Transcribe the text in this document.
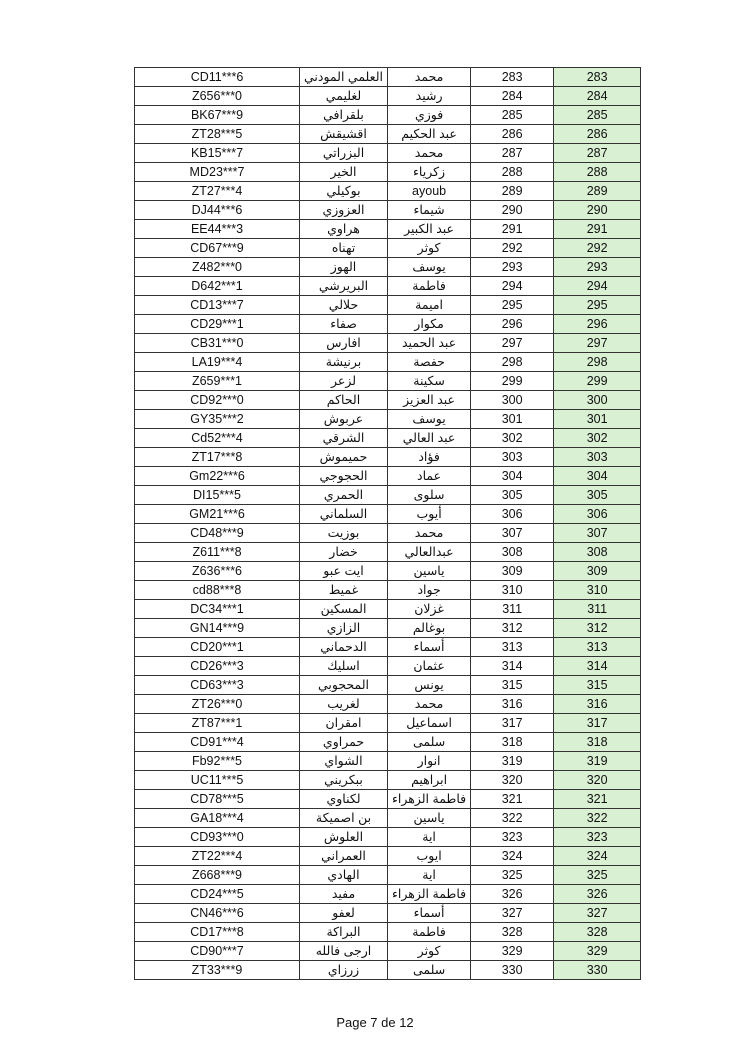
CD11***6	العلمي المودني	محمد	283	283
Z656***0	لغليمي	رشيد	284	284
BK67***9	بلقرافي	فوزي	285	285
ZT28***5	اقشيقش	عبد الحكيم	286	286
KB15***7	البزراتي	محمد	287	287
MD23***7	الخير	زكرياء	288	288
ZT27***4	بوكيلي	ayoub	289	289
DJ44***6	العزوزي	شيماء	290	290
EE44***3	هراوي	عبد الكبير	291	291
CD67***9	تهناه	كوثر	292	292
Z482***0	الهوز	يوسف	293	293
D642***1	البريرشي	فاطمة	294	294
CD13***7	حلالي	اميمة	295	295
CD29***1	صفاء	مكوار	296	296
CB31***0	افارس	عبد الحميد	297	297
LA19***4	برنيشة	حفصة	298	298
Z659***1	لزعر	سكينة	299	299
CD92***0	الحاكم	عبد العزيز	300	300
GY35***2	عربوش	يوسف	301	301
Cd52***4	الشرقي	عبد العالي	302	302
ZT17***8	حميموش	فؤاد	303	303
Gm22***6	الحجوجي	عماد	304	304
DI15***5	الحمري	سلوى	305	305
GM21***6	السلماني	أيوب	306	306
CD48***9	بوزيت	محمد	307	307
Z611***8	خضار	عبدالعالي	308	308
Z636***6	ايت عبو	ياسين	309	309
cd88***8	غميط	جواد	310	310
DC34***1	المسكين	غزلان	311	311
GN14***9	الزازي	بوغالم	312	312
CD20***1	الدحماني	أسماء	313	313
CD26***3	اسليك	عثمان	314	314
CD63***3	المحجوبي	يونس	315	315
ZT26***0	لغريب	محمد	316	316
ZT87***1	امقران	اسماعيل	317	317
CD91***4	حمراوي	سلمى	318	318
Fb92***5	الشواي	انوار	319	319
UC11***5	ببكريني	ابراهيم	320	320
CD78***5	لكناوي	فاطمة الزهراء	321	321
GA18***4	بن اصميكة	ياسين	322	322
CD93***0	العلوش	اية	323	323
ZT22***4	العمراني	ايوب	324	324
Z668***9	الهادي	اية	325	325
CD24***5	مفيد	فاطمة الزهراء	326	326
CN46***6	لعفو	أسماء	327	327
CD17***8	البراكة	فاطمة	328	328
CD90***7	ارجى فالله	كوثر	329	329
ZT33***9	زرزاي	سلمى	330	330
Page 7 de 12
